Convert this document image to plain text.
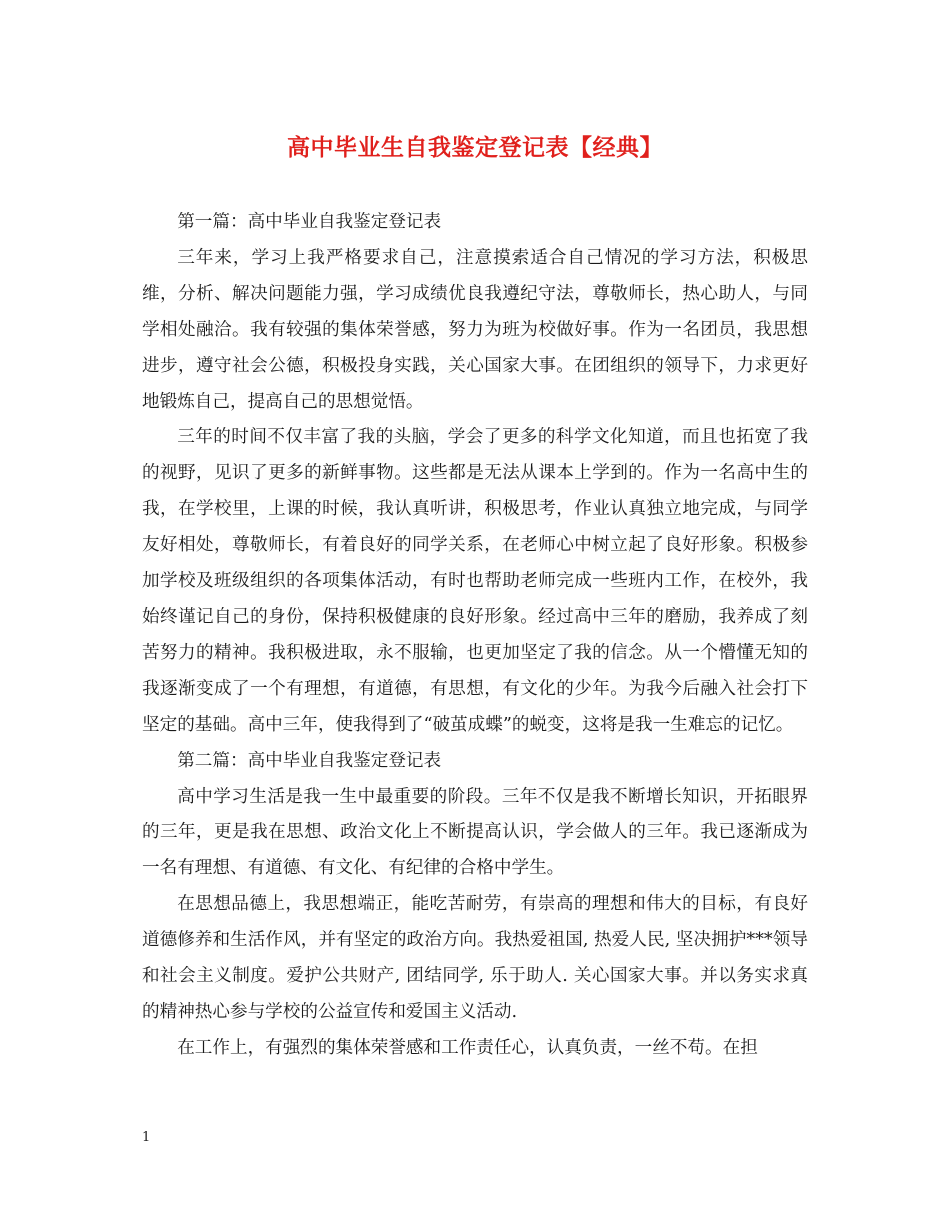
高中毕业生自我鉴定登记表【经典】

第一篇：高中毕业自我鉴定登记表

三年来，学习上我严格要求自己，注意摸索适合自己情况的学习方法，积极思维，分析、解决问题能力强，学习成绩优良我遵纪守法，尊敬师长，热心助人，与同学相处融洽。我有较强的集体荣誉感，努力为班为校做好事。作为一名团员，我思想进步，遵守社会公德，积极投身实践，关心国家大事。在团组织的领导下，力求更好地锻炼自己，提高自己的思想觉悟。

三年的时间不仅丰富了我的头脑，学会了更多的科学文化知道，而且也拓宽了我的视野，见识了更多的新鲜事物。这些都是无法从课本上学到的。作为一名高中生的我，在学校里，上课的时候，我认真听讲，积极思考，作业认真独立地完成，与同学友好相处，尊敬师长，有着良好的同学关系，在老师心中树立起了良好形象。积极参加学校及班级组织的各项集体活动，有时也帮助老师完成一些班内工作，在校外，我始终谨记自己的身份，保持积极健康的良好形象。经过高中三年的磨励，我养成了刻苦努力的精神。我积极进取，永不服输，也更加坚定了我的信念。从一个懵懂无知的我逐渐变成了一个有理想，有道德，有思想，有文化的少年。为我今后融入社会打下坚定的基础。高中三年，使我得到了“破茧成蝶”的蜕变，这将是我一生难忘的记忆。

第二篇：高中毕业自我鉴定登记表

高中学习生活是我一生中最重要的阶段。三年不仅是我不断增长知识，开拓眼界的三年，更是我在思想、政治文化上不断提高认识，学会做人的三年。我已逐渐成为一名有理想、有道德、有文化、有纪律的合格中学生。

在思想品德上，我思想端正，能吃苦耐劳，有崇高的理想和伟大的目标，有良好道德修养和生活作风，并有坚定的政治方向。我热爱祖国, 热爱人民, 坚决拥护***领导和社会主义制度。爱护公共财产, 团结同学, 乐于助人. 关心国家大事。并以务实求真的精神热心参与学校的公益宣传和爱国主义活动.

在工作上，有强烈的集体荣誉感和工作责任心，认真负责，一丝不苟。在担

1
